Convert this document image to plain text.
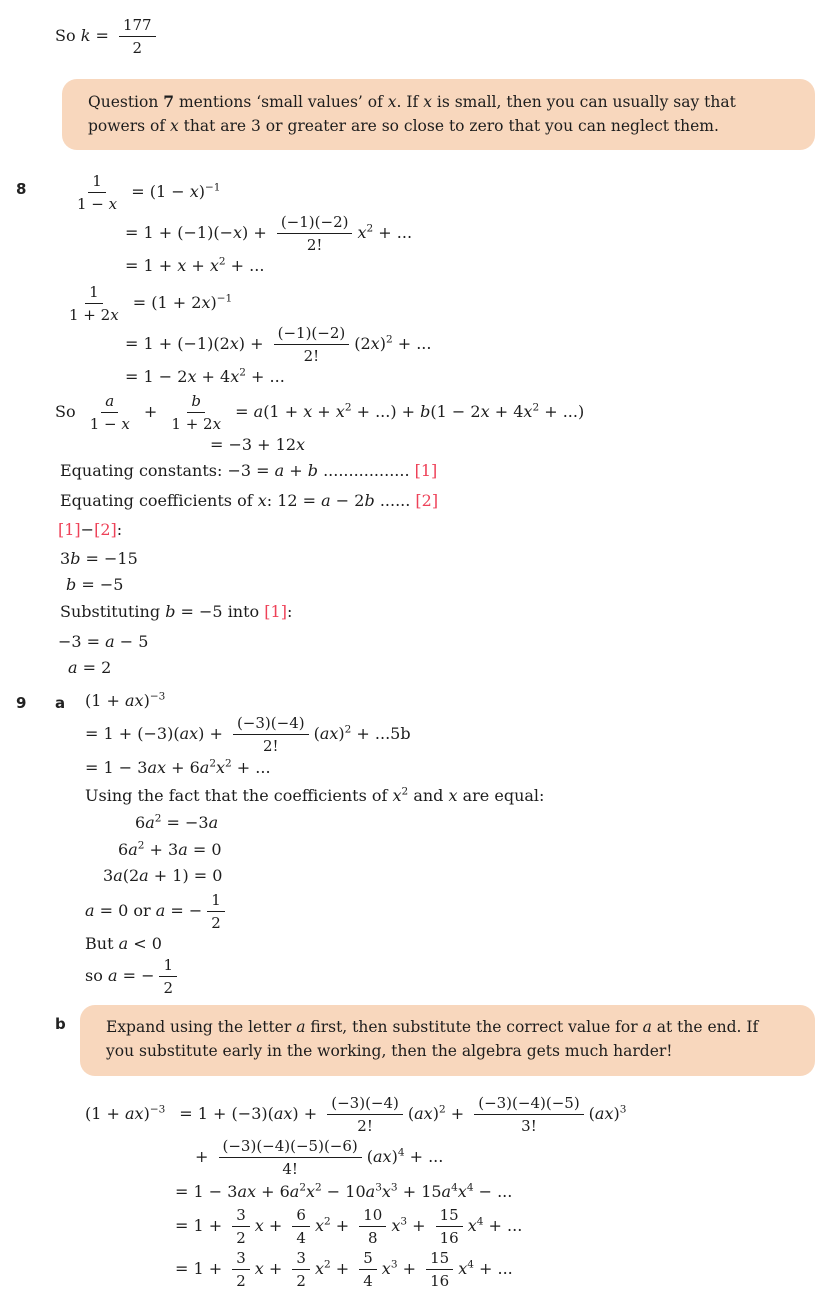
So $k = \frac{177}{2}$
Question 7 mentions ‘small values’ of x. If x is small, then you can usually say that powers of x that are 3 or greater are so close to zero that you can neglect them.
8	$\frac{1}{1 - x} = (1 - x)^{-1}$
= $1 + (-1)(-x) + \frac{(-1)(-2)}{2!} x^2$ + ...
= $1 + x + x^2$ + ...
$\frac{1}{1 + 2x} = (1 + 2x)^{-1}$
= $1 + (-1)(2x) + \frac{(-1)(-2)}{2!} (2x)^2$ + ...
= $1 - 2x + 4x^2$ + ...
So $\frac{a}{1 - x} + \frac{b}{1 + 2x} = a(1 + x + x^2$ + ...) + $b(1 - 2x + 4x^2$ + ...)
= −3 + 12x
Equating constants: −3 = a + b ................. [1]
Equating coefficients of x: 12 = a − 2b ...... [2]
[1]−[2]:
3b = −15
b = −5
Substituting b = −5 into [1]:
−3 = a − 5
a = 2
9 a (1 + ax)$^{-3}$
= $1 + (-3)(ax) + \frac{(-3)(-4)}{2!} (ax)^2 + ...5b$
= $1 - 3ax + 6a^2x^2$ + ...
Using the fact that the coefficients of $x^2$ and x are equal:
$6a^2 = -3a$
$6a^2 + 3a = 0$
3a(2a + 1) = 0
a = 0 or a = − $\frac{1}{2}$
But a < 0
so a = − $\frac{1}{2}$
b	Expand using the letter a first, then substitute the correct value for a at the end. If you substitute early in the working, then the algebra gets much harder!
$(1 + ax)^{-3} = 1 + (-3)(ax) + \frac{(-3)(-4)}{2!} (ax)^2 + \frac{(-3)(-4)(-5)}{3!} (ax)^3$
+ $\frac{(-3)(-4)(-5)(-6)}{4!} (ax)^4$ + ...
= $1 - 3ax + 6a^2x^2 - 10a^3x^3 + 15a^4x^4$ − ...
= $1 + \frac{3}{2}$ $x + \frac{6}{4} x^2 + \frac{10}{8} x^3 + \frac{15}{16} x^4$ + ...
= $1 + \frac{3}{2}$ $x + \frac{3}{2} x^2 + \frac{5}{4} x^3 + \frac{15}{16} x^4$ + ...
